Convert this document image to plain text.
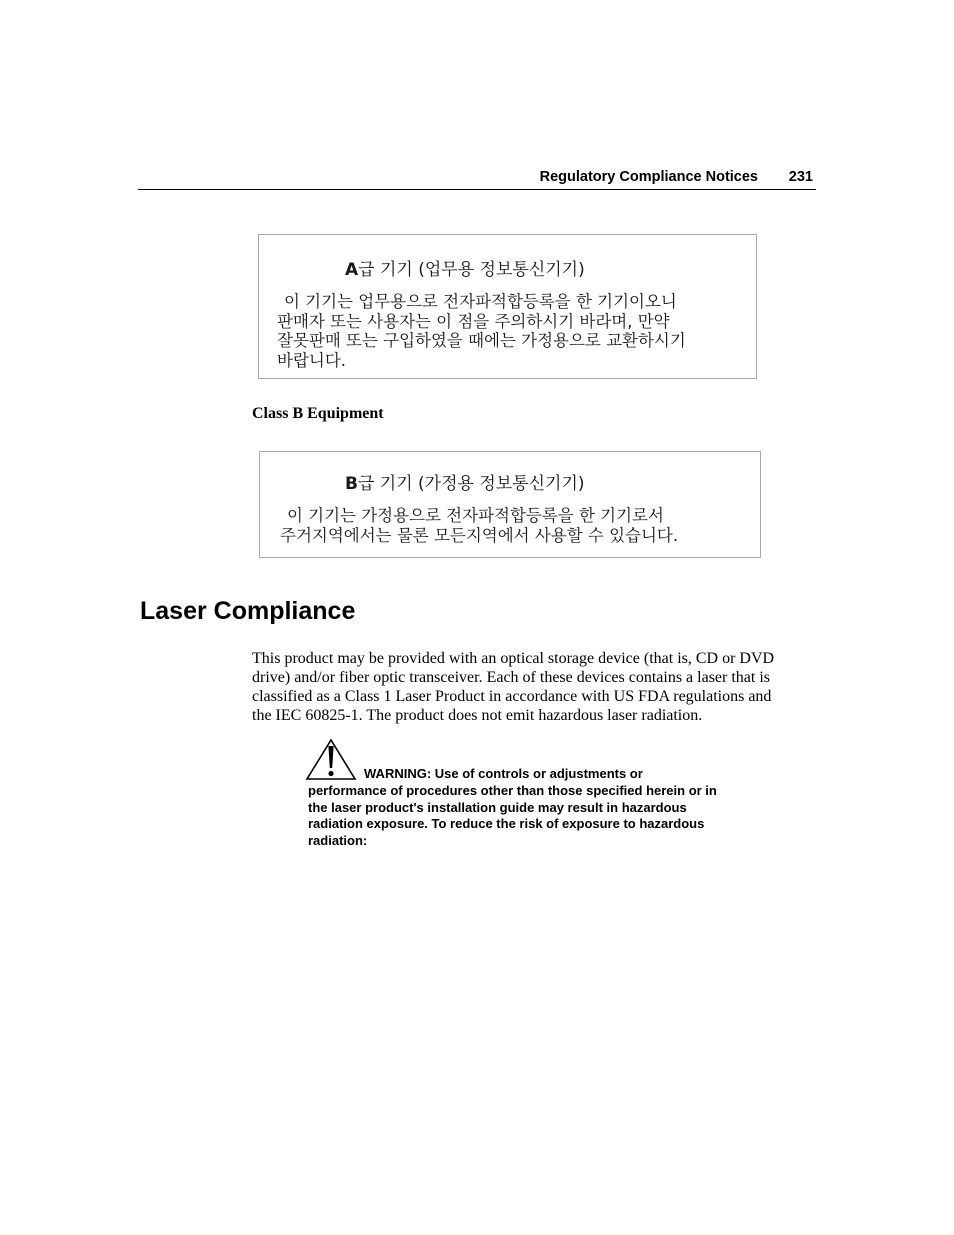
Regulatory Compliance Notices 231
A급 기기 (업무용 정보통신기기)
이 기기는 업무용으로 전자파적합등록을 한 기기이오니
판매자 또는 사용자는 이 점을 주의하시기 바라며, 만약
잘못판매 또는 구입하였을 때에는 가정용으로 교환하시기
바랍니다.
Class B Equipment
B급 기기 (가정용 정보통신기기)
이 기기는 가정용으로 전자파적합등록을 한 기기로서
주거지역에서는 물론 모든지역에서 사용할 수 있습니다.
Laser Compliance
This product may be provided with an optical storage device (that is, CD or DVD
drive) and/or fiber optic transceiver. Each of these devices contains a laser that is
classified as a Class 1 Laser Product in accordance with US FDA regulations and
the IEC 60825-1. The product does not emit hazardous laser radiation.
WARNING: Use of controls or adjustments or
performance of procedures other than those specified herein or in
the laser product's installation guide may result in hazardous
radiation exposure. To reduce the risk of exposure to hazardous
radiation:
